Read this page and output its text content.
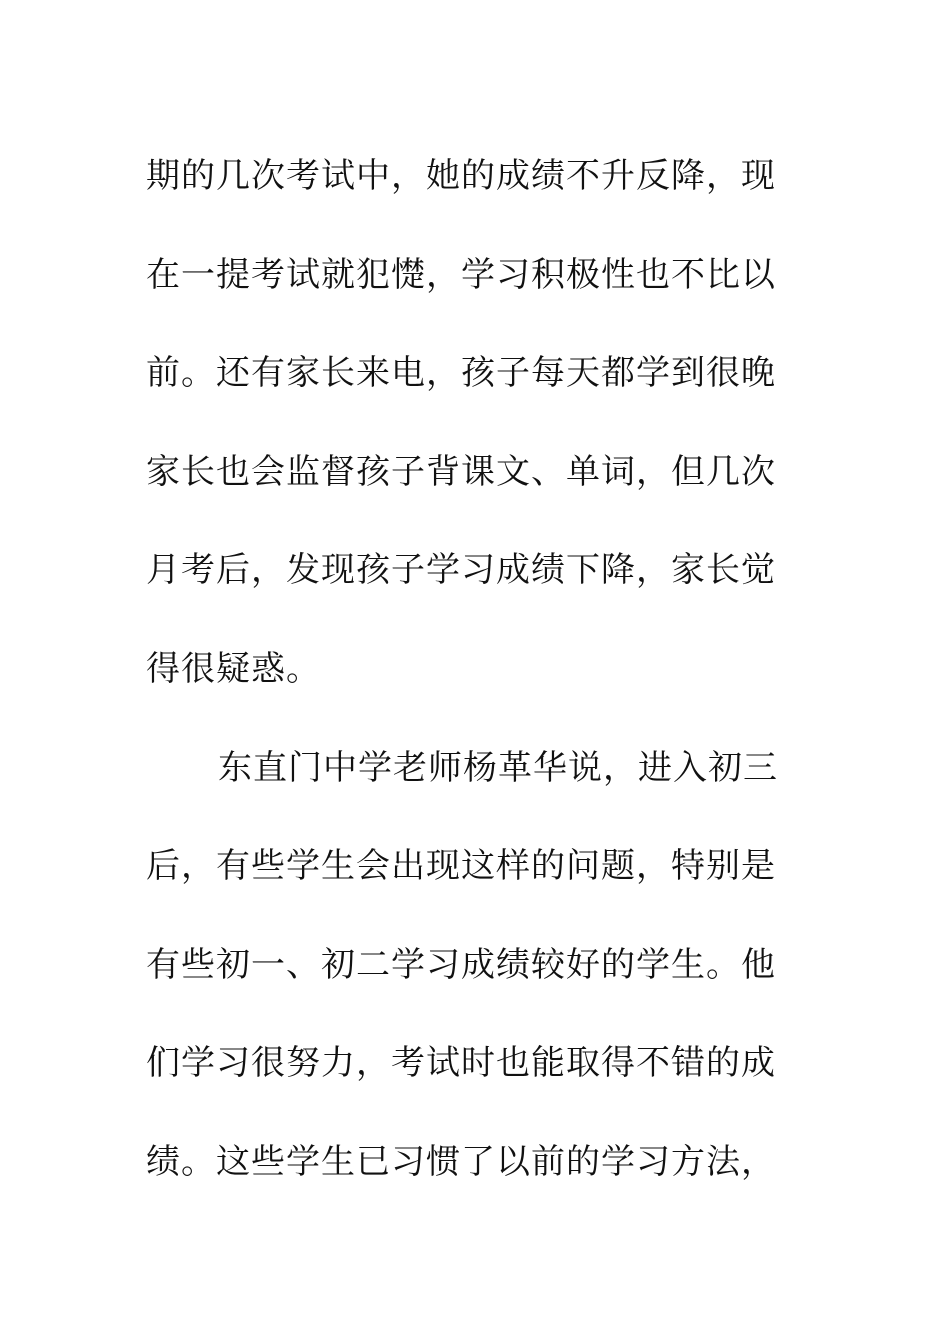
期的几次考试中，她的成绩不升反降，现
在一提考试就犯憷，学习积极性也不比以
前。还有家长来电，孩子每天都学到很晚
家长也会监督孩子背课文、单词，但几次
月考后，发现孩子学习成绩下降，家长觉
得很疑惑。
东直门中学老师杨革华说，进入初三
后，有些学生会出现这样的问题，特别是
有些初一、初二学习成绩较好的学生。他
们学习很努力，考试时也能取得不错的成
绩。这些学生已习惯了以前的学习方法，
